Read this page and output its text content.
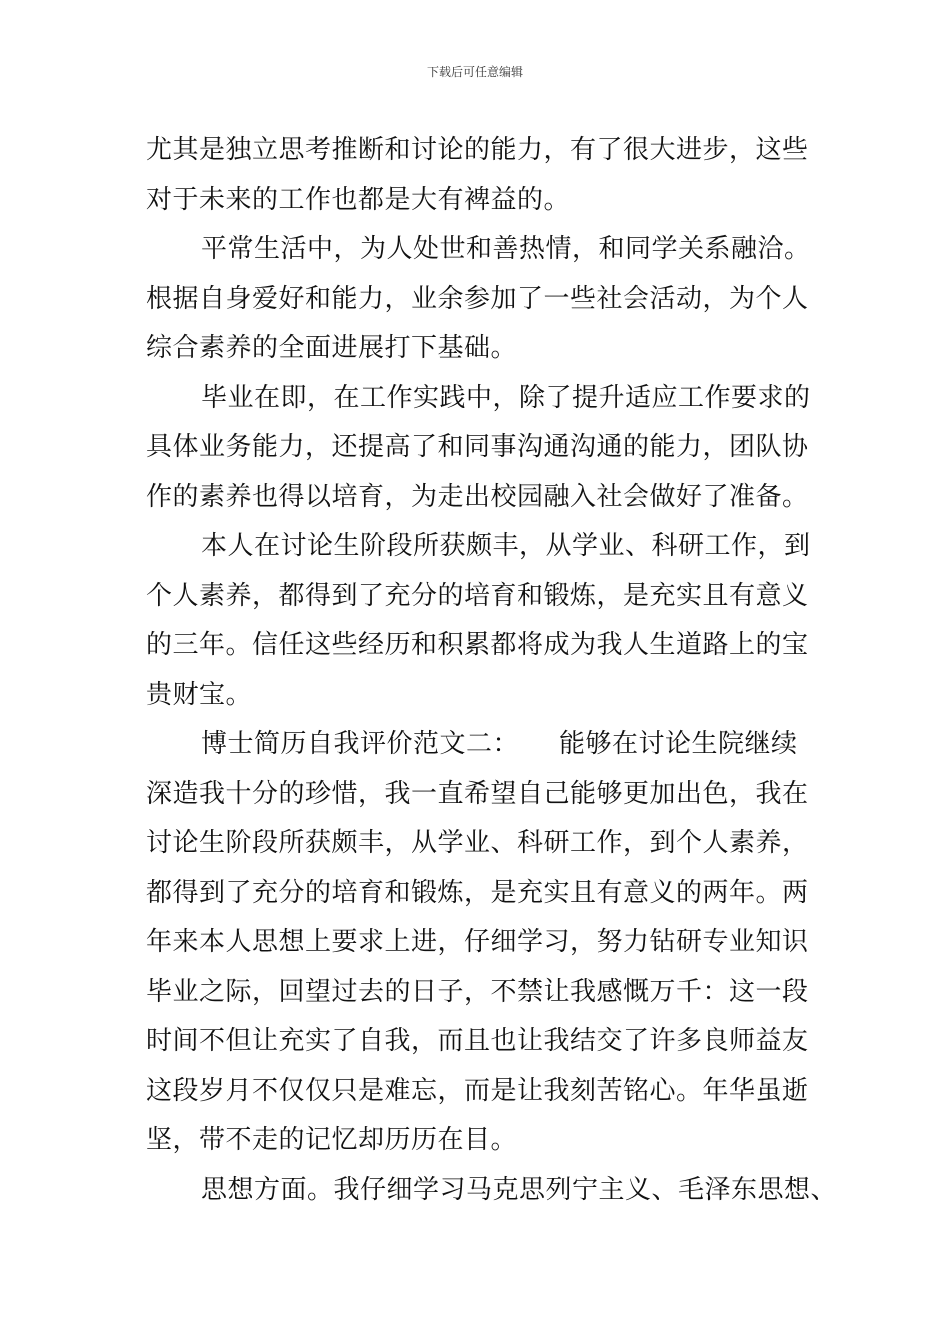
下载后可任意编辑
尤其是独立思考推断和讨论的能力，有了很大进步，这些
对于未来的工作也都是大有裨益的。
平常生活中，为人处世和善热情，和同学关系融洽。
根据自身爱好和能力，业余参加了一些社会活动，为个人
综合素养的全面进展打下基础。
毕业在即，在工作实践中，除了提升适应工作要求的
具体业务能力，还提高了和同事沟通沟通的能力，团队协
作的素养也得以培育，为走出校园融入社会做好了准备。
本人在讨论生阶段所获颇丰，从学业、科研工作，到
个人素养，都得到了充分的培育和锻炼，是充实且有意义
的三年。信任这些经历和积累都将成为我人生道路上的宝
贵财宝。
博士简历自我评价范文二：　　能够在讨论生院继续
深造我十分的珍惜，我一直希望自己能够更加出色，我在
讨论生阶段所获颇丰，从学业、科研工作，到个人素养，
都得到了充分的培育和锻炼，是充实且有意义的两年。两
年来本人思想上要求上进，仔细学习，努力钻研专业知识
毕业之际，回望过去的日子，不禁让我感慨万千：这一段
时间不但让充实了自我，而且也让我结交了许多良师益友
这段岁月不仅仅只是难忘，而是让我刻苦铭心。年华虽逝
坚，带不走的记忆却历历在目。
思想方面。我仔细学习马克思列宁主义、毛泽东思想、
